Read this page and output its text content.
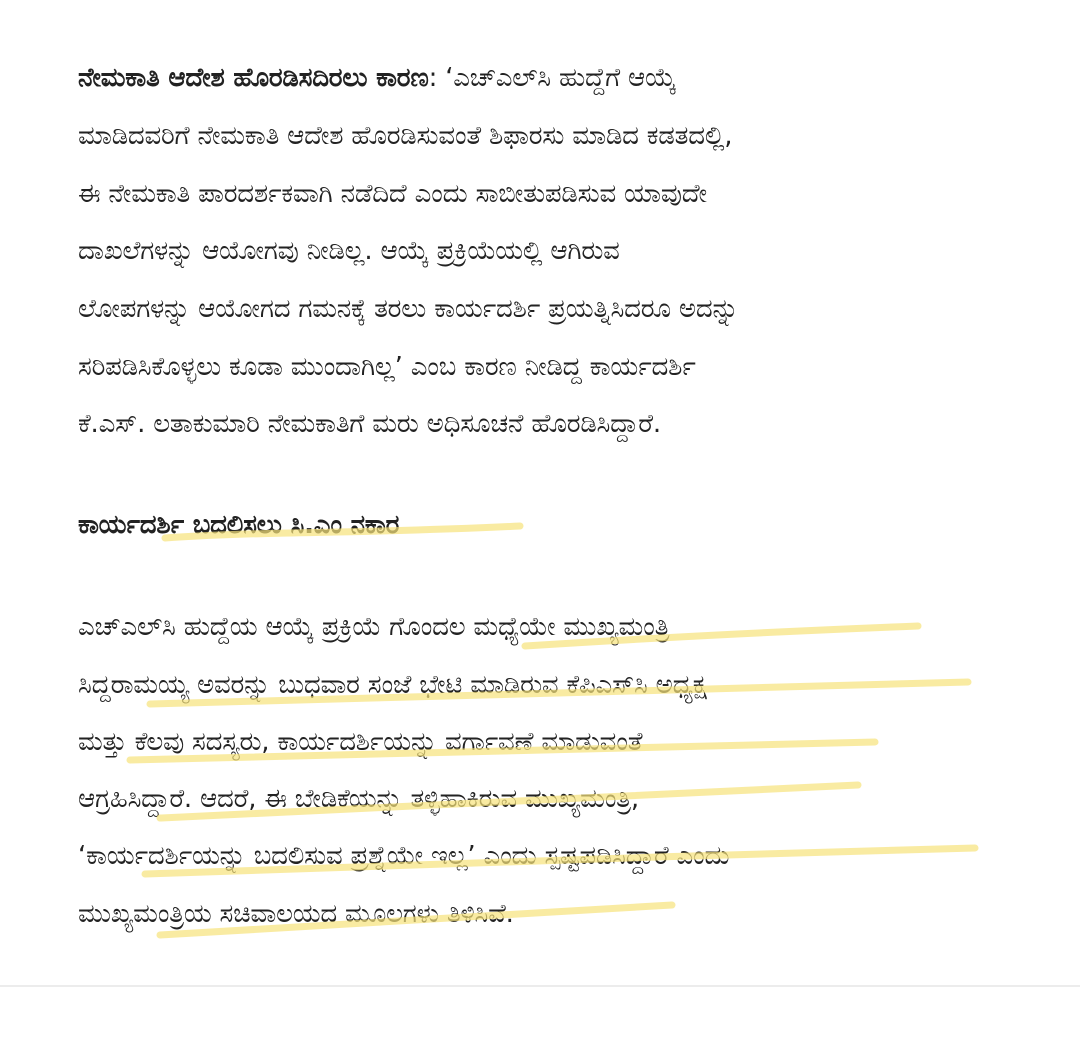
ನೇಮಕಾತಿ ಆದೇಶ ಹೊರಡಿಸದಿರಲು ಕಾರಣ: ‘ಎಚ್‌ಎಲ್‌ಸಿ ಹುದ್ದೆಗೆ ಆಯ್ಕೆ
ಮಾಡಿದವರಿಗೆ ನೇಮಕಾತಿ ಆದೇಶ ಹೊರಡಿಸುವಂತೆ ಶಿಫಾರಸು ಮಾಡಿದ ಕಡತದಲ್ಲಿ,
ಈ ನೇಮಕಾತಿ ಪಾರದರ್ಶಕವಾಗಿ ನಡೆದಿದೆ ಎಂದು ಸಾಬೀತುಪಡಿಸುವ ಯಾವುದೇ
ದಾಖಲೆಗಳನ್ನು ಆಯೋಗವು ನೀಡಿಲ್ಲ. ಆಯ್ಕೆ ಪ್ರಕ್ರಿಯೆಯಲ್ಲಿ ಆಗಿರುವ
ಲೋಪಗಳನ್ನು ಆಯೋಗದ ಗಮನಕ್ಕೆ ತರಲು ಕಾರ್ಯದರ್ಶಿ ಪ್ರಯತ್ನಿಸಿದರೂ ಅದನ್ನು
ಸರಿಪಡಿಸಿಕೊಳ್ಳಲು ಕೂಡಾ ಮುಂದಾಗಿಲ್ಲ’ ಎಂಬ ಕಾರಣ ನೀಡಿದ್ದ ಕಾರ್ಯದರ್ಶಿ
ಕೆ.ಎಸ್. ಲತಾಕುಮಾರಿ ನೇಮಕಾತಿಗೆ ಮರು ಅಧಿಸೂಚನೆ ಹೊರಡಿಸಿದ್ದಾರೆ.
ಕಾರ್ಯದರ್ಶಿ ಬದಲಿಸಲು ಸಿ.ಎಂ ನಕಾರ
ಎಚ್‌ಎಲ್‌ಸಿ ಹುದ್ದೆಯ ಆಯ್ಕೆ ಪ್ರಕ್ರಿಯೆ ಗೊಂದಲ ಮಧ್ಯೆಯೇ ಮುಖ್ಯಮಂತ್ರಿ
ಸಿದ್ದರಾಮಯ್ಯ ಅವರನ್ನು ಬುಧವಾರ ಸಂಜೆ ಭೇಟಿ ಮಾಡಿರುವ ಕೆಪಿಎಸ್‌ಸಿ ಅಧ್ಯಕ್ಷ
ಮತ್ತು ಕೆಲವು ಸದಸ್ಯರು, ಕಾರ್ಯದರ್ಶಿಯನ್ನು ವರ್ಗಾವಣೆ ಮಾಡುವಂತೆ
ಆಗ್ರಹಿಸಿದ್ದಾರೆ. ಆದರೆ, ಈ ಬೇಡಿಕೆಯನ್ನು ತಳ್ಳಿಹಾಕಿರುವ ಮುಖ್ಯಮಂತ್ರಿ,
‘ಕಾರ್ಯದರ್ಶಿಯನ್ನು ಬದಲಿಸುವ ಪ್ರಶ್ನೆಯೇ ಇಲ್ಲ’ ಎಂದು ಸ್ಪಷ್ಟಪಡಿಸಿದ್ದಾರೆ ಎಂದು
ಮುಖ್ಯಮಂತ್ರಿಯ ಸಚಿವಾಲಯದ ಮೂಲಗಳು ತಿಳಿಸಿವೆ.
